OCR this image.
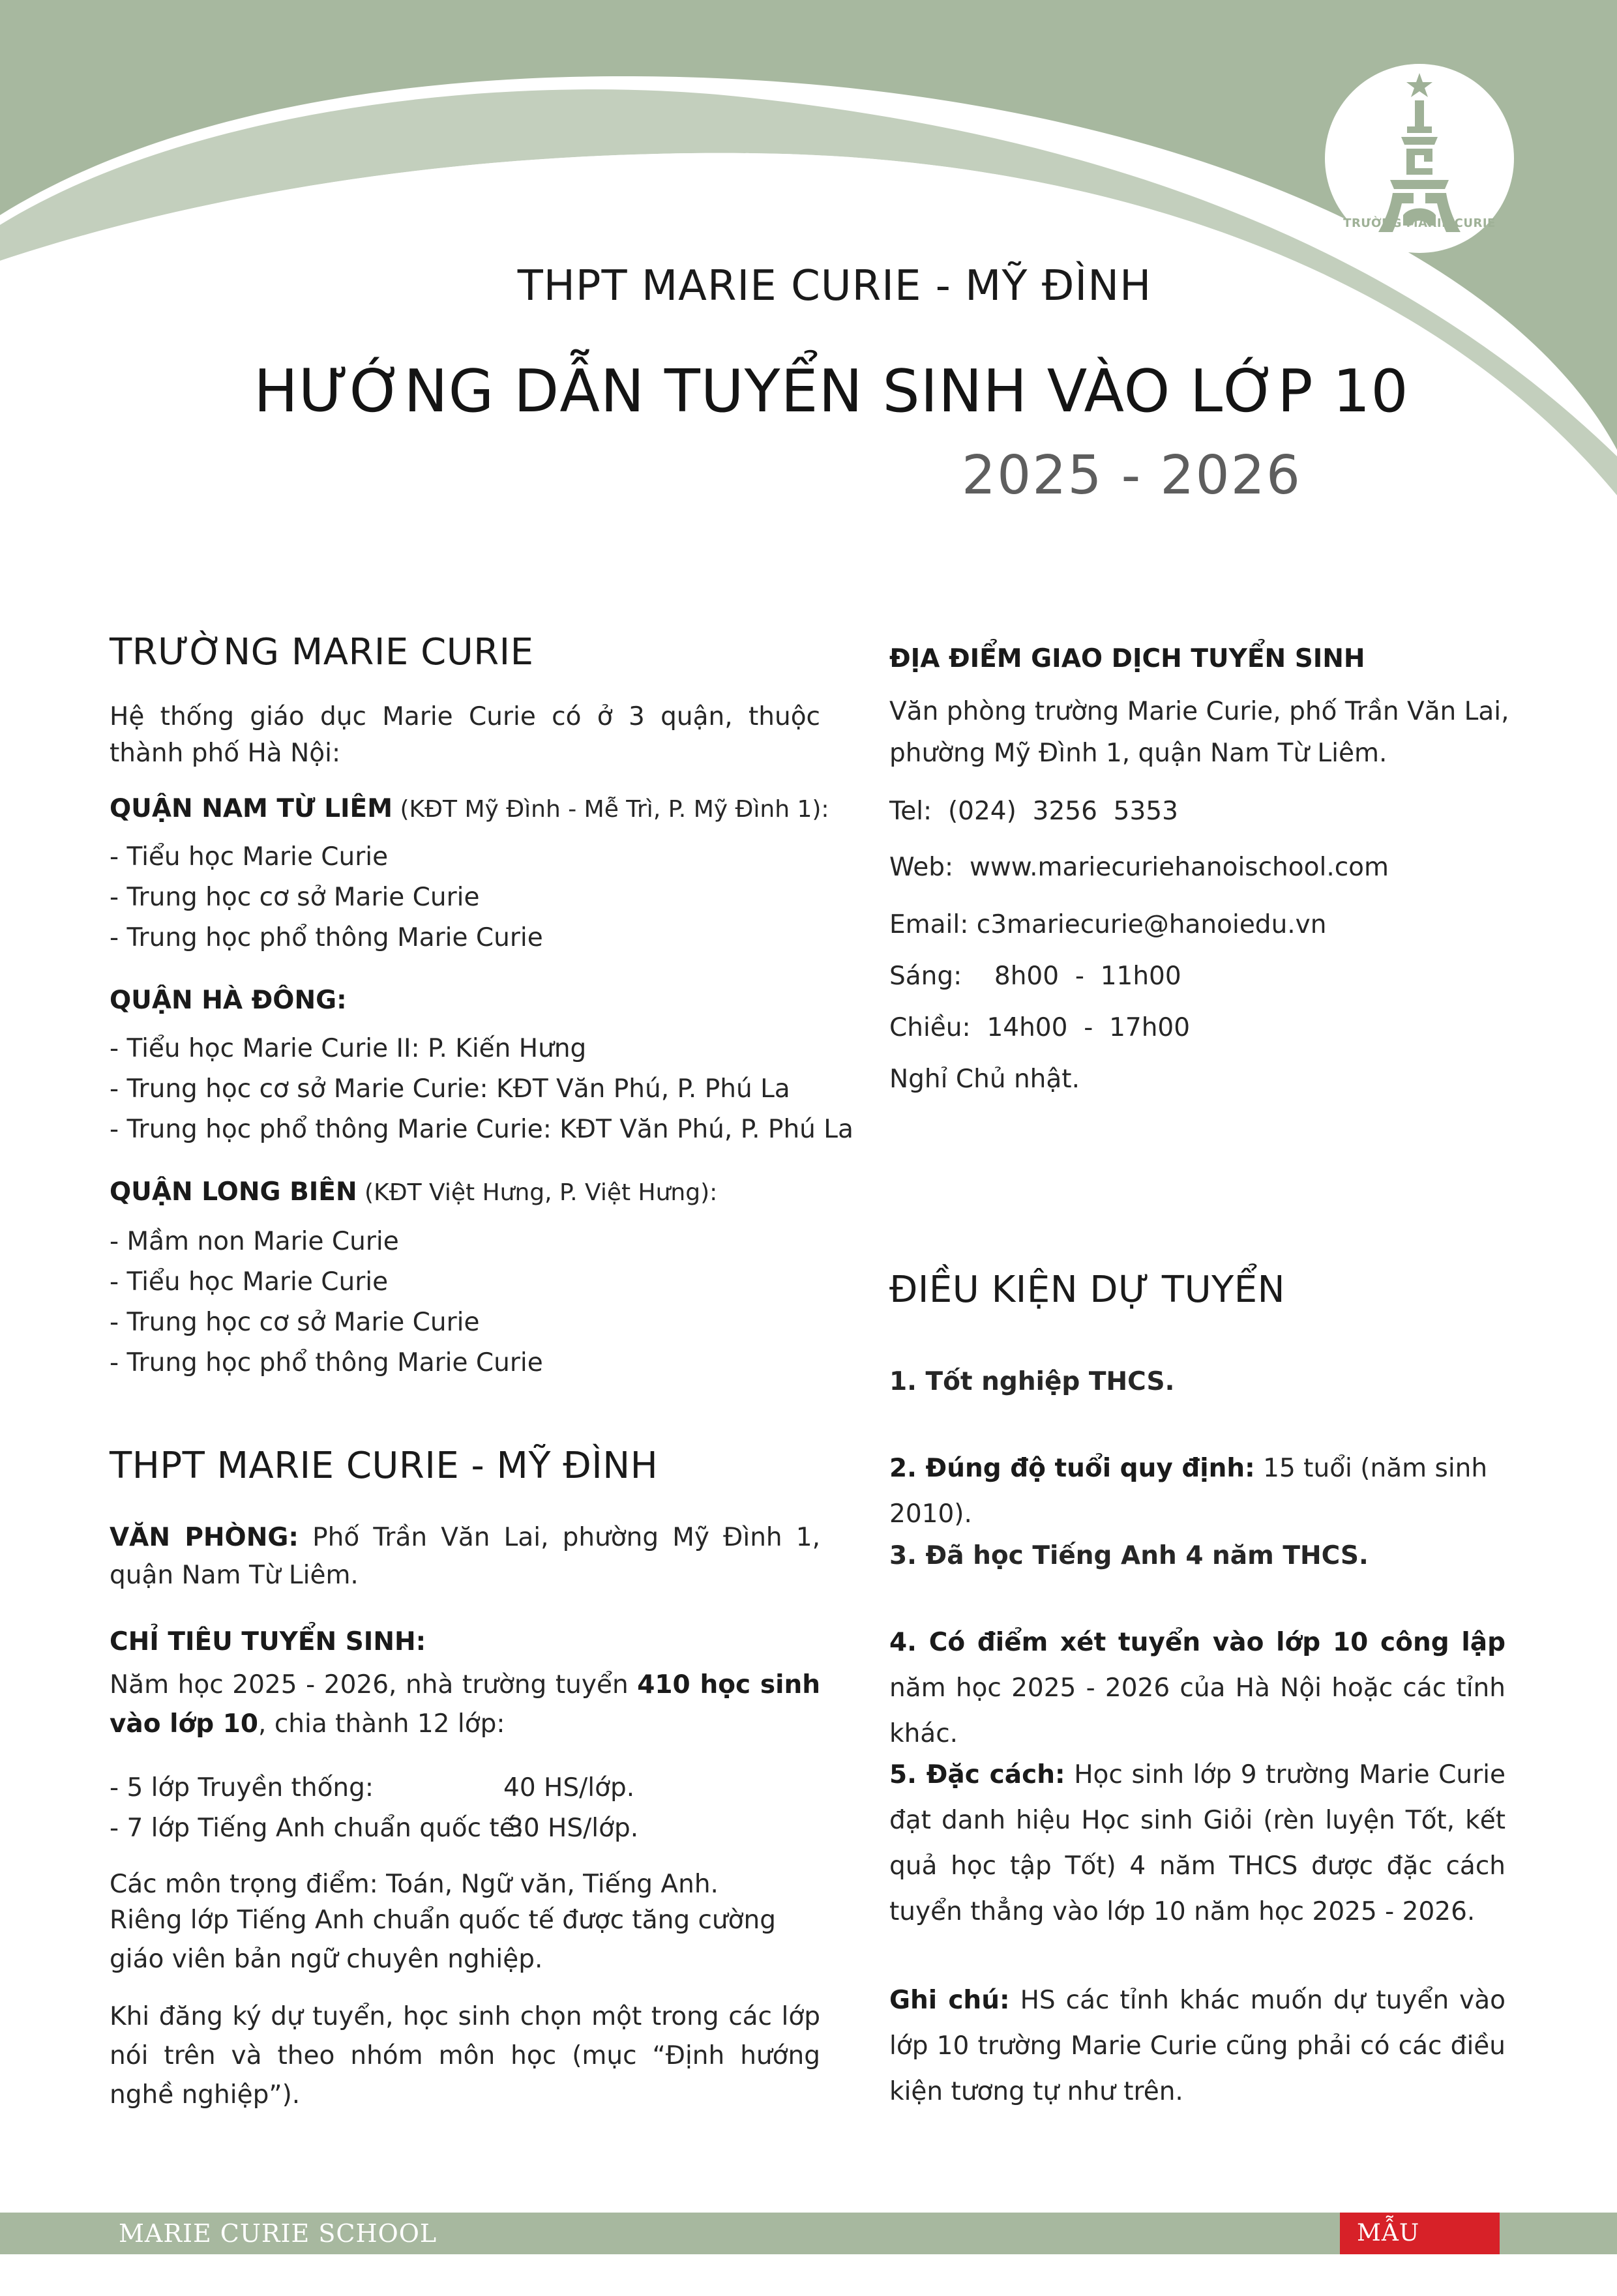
TRƯỜNG MARIE CURIE
THPT MARIE CURIE - MỸ ĐÌNH
HƯỚNG DẪN TUYỂN SINH VÀO LỚP 10
2025 - 2026
TRƯỜNG MARIE CURIE
Hệ thống giáo dục Marie Curie có ở 3 quận, thuộc thành phố Hà Nội:
QUẬN NAM TỪ LIÊM (KĐT Mỹ Đình - Mễ Trì, P. Mỹ Đình 1):
- Tiểu học Marie Curie
- Trung học cơ sở Marie Curie
- Trung học phổ thông Marie Curie
QUẬN HÀ ĐÔNG:
- Tiểu học Marie Curie II: P. Kiến Hưng
- Trung học cơ sở Marie Curie: KĐT Văn Phú, P. Phú La
- Trung học phổ thông Marie Curie: KĐT Văn Phú, P. Phú La
QUẬN LONG BIÊN (KĐT Việt Hưng, P. Việt Hưng):
- Mầm non Marie Curie
- Tiểu học Marie Curie
- Trung học cơ sở Marie Curie
- Trung học phổ thông Marie Curie
THPT MARIE CURIE - MỸ ĐÌNH
VĂN PHÒNG: Phố Trần Văn Lai, phường Mỹ Đình 1, quận Nam Từ Liêm.
CHỈ TIÊU TUYỂN SINH:
Năm học 2025 - 2026, nhà trường tuyển 410 học sinh vào lớp 10, chia thành 12 lớp:
- 5 lớp Truyền thống:	40 HS/lớp.
- 7 lớp Tiếng Anh chuẩn quốc tế:
30 HS/lớp.
Các môn trọng điểm: Toán, Ngữ văn, Tiếng Anh.
Riêng lớp Tiếng Anh chuẩn quốc tế được tăng cường giáo viên bản ngữ chuyên nghiệp.
Khi đăng ký dự tuyển, học sinh chọn một trong các lớp nói trên và theo nhóm môn học (mục “Định hướng nghề nghiệp”).
ĐỊA ĐIỂM GIAO DỊCH TUYỂN SINH
Văn phòng trường Marie Curie, phố Trần Văn Lai,
phường Mỹ Đình 1, quận Nam Từ Liêm.
Tel: (024)  3256  5353
Web: www.mariecuriehanoischool.com
Email: c3mariecurie@hanoiedu.vn
Sáng: 8h00  -  11h00
Chiều: 14h00  -  17h00
Nghỉ Chủ nhật.
ĐIỀU KIỆN DỰ TUYỂN
1. Tốt nghiệp THCS.
2. Đúng độ tuổi quy định: 15 tuổi (năm sinh 2010).
3. Đã học Tiếng Anh 4 năm THCS.
4. Có điểm xét tuyển vào lớp 10 công lập năm học 2025 - 2026 của Hà Nội hoặc các tỉnh khác.
5. Đặc cách: Học sinh lớp 9 trường Marie Curie đạt danh hiệu Học sinh Giỏi (rèn luyện Tốt, kết quả học tập Tốt) 4 năm THCS được đặc cách tuyển thẳng vào lớp 10 năm học 2025 - 2026.
Ghi chú: HS các tỉnh khác muốn dự tuyển vào lớp 10 trường Marie Curie cũng phải có các điều kiện tương tự như trên.
MARIE CURIE SCHOOL	MẪU 1/10MĐ
